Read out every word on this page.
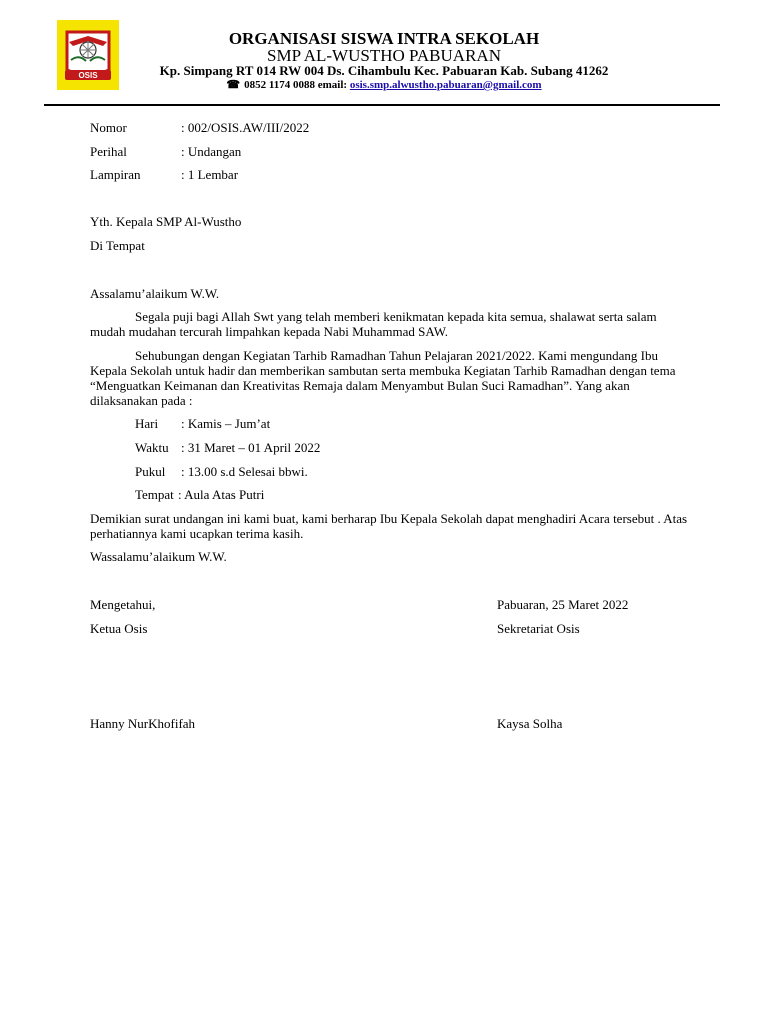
OSIS
ORGANISASI SISWA INTRA SEKOLAH
SMP AL-WUSTHO PABUARAN
Kp. Simpang RT 014 RW 004 Ds. Cihambulu Kec. Pabuaran Kab. Subang 41262
☎ 0852 1174 0088 email: osis.smp.alwustho.pabuaran@gmail.com
Nomor	: 002/OSIS.AW/III/2022
Perihal	: Undangan
Lampiran	: 1 Lembar
Yth. Kepala SMP Al-Wustho
Di Tempat
Assalamu’alaikum W.W.
Segala puji bagi Allah Swt yang telah memberi kenikmatan kepada kita semua, shalawat serta salam mudah mudahan tercurah limpahkan kepada Nabi Muhammad SAW.
Sehubungan dengan Kegiatan Tarhib Ramadhan Tahun Pelajaran 2021/2022. Kami mengundang Ibu Kepala Sekolah untuk hadir dan memberikan sambutan serta membuka Kegiatan Tarhib Ramadhan dengan tema “Menguatkan Keimanan dan Kreativitas Remaja dalam Menyambut Bulan Suci Ramadhan”. Yang akan dilaksanakan pada :
Hari : Kamis – Jum’at
Waktu : 31 Maret – 01 April 2022
Pukul : 13.00 s.d Selesai bbwi.
Tempat : Aula Atas Putri
Demikian surat undangan ini kami buat, kami berharap Ibu Kepala Sekolah dapat menghadiri Acara tersebut . Atas perhatiannya kami ucapkan terima kasih.
Wassalamu’alaikum W.W.
Mengetahui,	Pabuaran, 25 Maret 2022
Ketua Osis	Sekretariat Osis
Hanny NurKhofifah	Kaysa Solha
